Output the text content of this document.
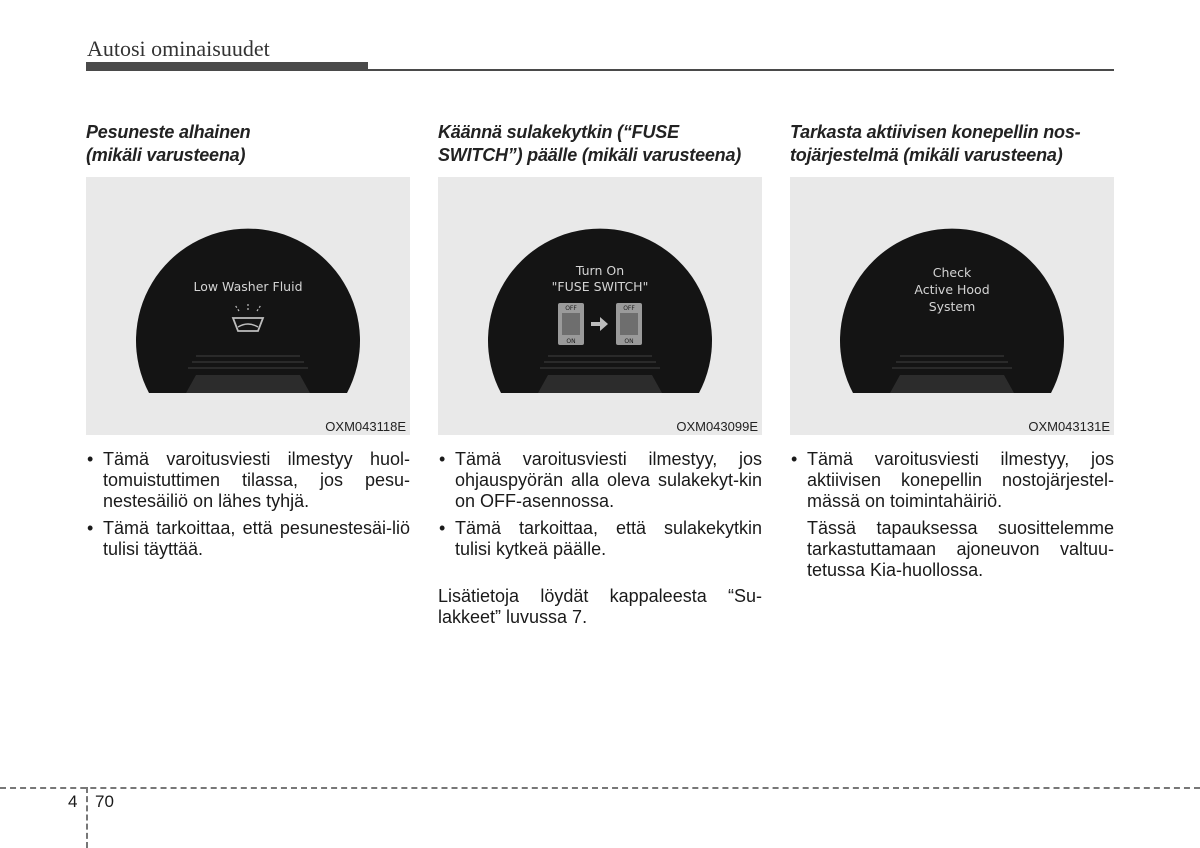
Autosi ominaisuudet
Pesuneste alhainen
(mikäli varusteena)
Low Washer Fluid
OXM043118E
• Tämä varoitusviesti ilmestyy huol-tomuistuttimen tilassa, jos pesu-nestesäiliö on lähes tyhjä.
• Tämä tarkoittaa, että pesunestesäi-liö tulisi täyttää.
Käännä sulakekytkin (“FUSE
SWITCH”) päälle (mikäli varusteena)
Turn On
"FUSE SWITCH"
OFF
ON
OFF
ON
OXM043099E
• Tämä varoitusviesti ilmestyy, jos ohjauspyörän alla oleva sulakekyt-kin on OFF-asennossa.
• Tämä tarkoittaa, että sulakekytkin tulisi kytkeä päälle.

Lisätietoja löydät kappaleesta “Su-lakkeet” luvussa 7.

Tarkasta aktiivisen konepellin nos-
tojärjestelmä (mikäli varusteena)
Check
Active Hood
System
OXM043131E
• Tämä varoitusviesti ilmestyy, jos aktiivisen konepellin nostojärjestel-mässä on toimintahäiriö.

Tässä tapauksessa suosittelemme tarkastuttamaan ajoneuvon valtuu-tetussa Kia-huollossa.

4 70
